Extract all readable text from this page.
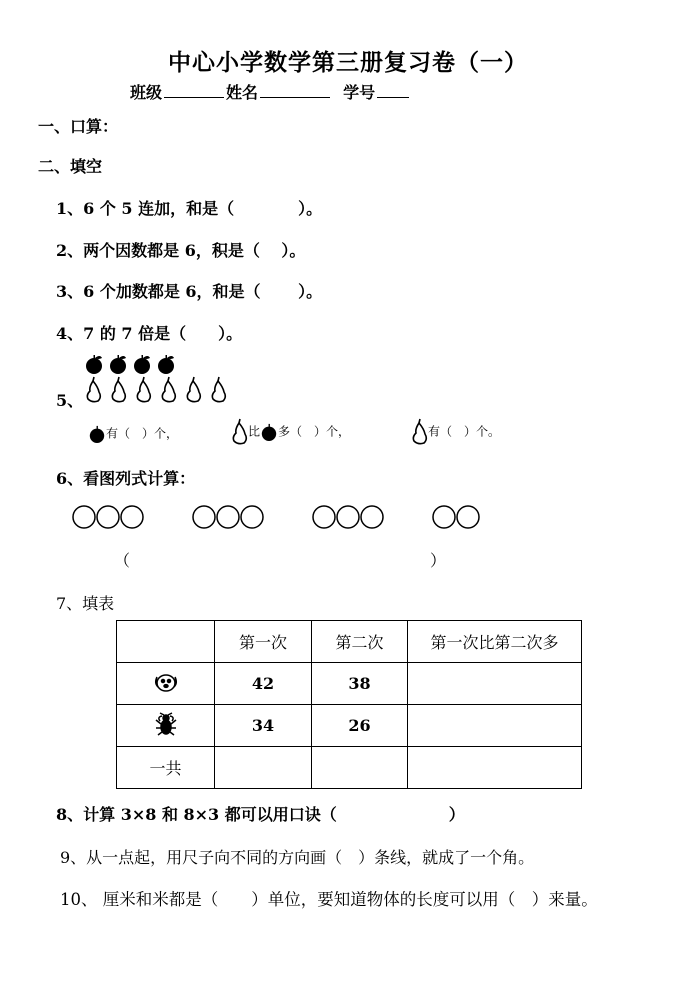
中心小学数学第三册复习卷（一）
班级	姓名	学号
一、口算：
二、填空
1、6 个 5 连加，和是（　　　　）。
2、两个因数都是 6，积是（　 ）。
3、6 个加数都是 6，和是（　　 ）。
4、7 的 7 倍是（　　）。
5、
有（　）个，	比 多（　）个，	有（　）个。
6、看图列式计算：
（	）
7、填表
	第一次	第二次	第一次比第二次多
	42	38	
	34	26	
一共			
8、计算 3×8 和 8×3 都可以用口诀（　　　　　　　）
9、从一点起，用尺子向不同的方向画（　）条线，就成了一个角。
10、 厘米和米都是（　　）单位，要知道物体的长度可以用（　）来量。
